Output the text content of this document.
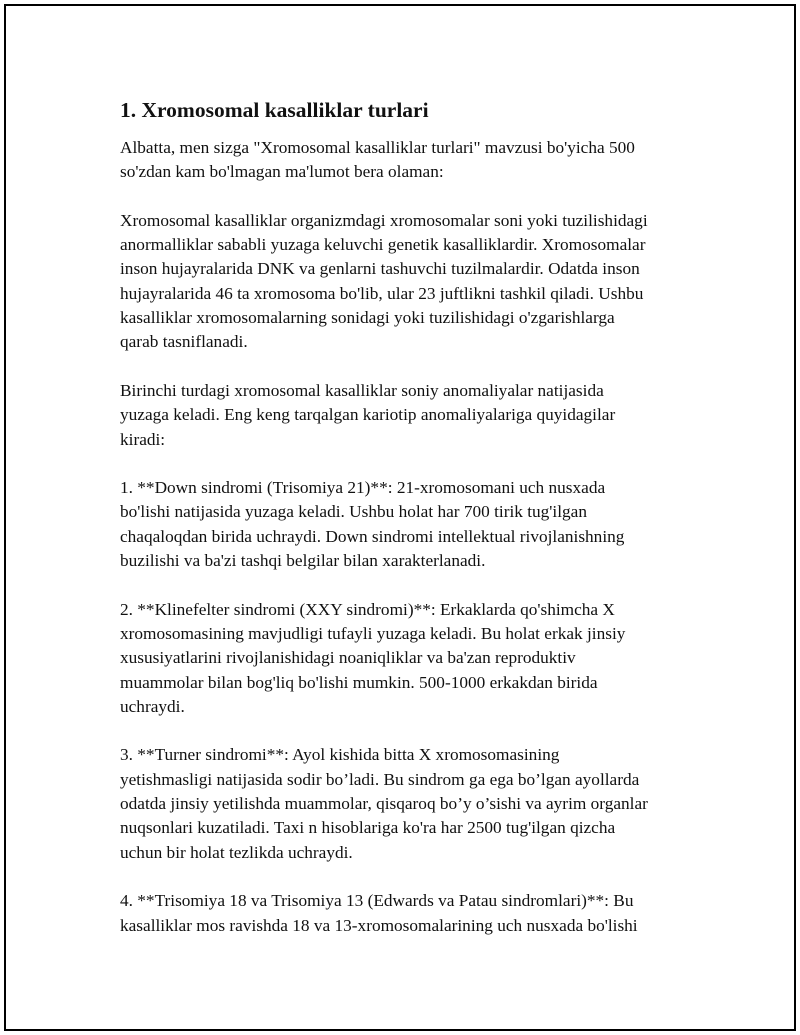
1. Xromosomal kasalliklar turlari
Albatta, men sizga "Xromosomal kasalliklar turlari" mavzusi bo'yicha 500
so'zdan kam bo'lmagan ma'lumot bera olaman:
Xromosomal kasalliklar organizmdagi xromosomalar soni yoki tuzilishidagi
anormalliklar sababli yuzaga keluvchi genetik kasalliklardir. Xromosomalar
inson hujayralarida DNK va genlarni tashuvchi tuzilmalardir. Odatda inson
hujayralarida 46 ta xromosoma bo'lib, ular 23 juftlikni tashkil qiladi. Ushbu
kasalliklar xromosomalarning sonidagi yoki tuzilishidagi o'zgarishlarga
qarab tasniflanadi.
Birinchi turdagi xromosomal kasalliklar soniy anomaliyalar natijasida
yuzaga keladi. Eng keng tarqalgan kariotip anomaliyalariga quyidagilar
kiradi:
1. **Down sindromi (Trisomiya 21)**: 21-xromosomani uch nusxada
bo'lishi natijasida yuzaga keladi. Ushbu holat har 700 tirik tug'ilgan
chaqaloqdan birida uchraydi. Down sindromi intellektual rivojlanishning
buzilishi va ba'zi tashqi belgilar bilan xarakterlanadi.
2. **Klinefelter sindromi (XXY sindromi)**: Erkaklarda qo'shimcha X
xromosomasining mavjudligi tufayli yuzaga keladi. Bu holat erkak jinsiy
xususiyatlarini rivojlanishidagi noaniqliklar va ba'zan reproduktiv
muammolar bilan bog'liq bo'lishi mumkin. 500-1000 erkakdan birida
uchraydi.
3. **Turner sindromi**: Ayol kishida bitta X xromosomasining
yetishmasligi natijasida sodir bo’ladi. Bu sindrom ga ega bo’lgan ayollarda
odatda jinsiy yetilishda muammolar, qisqaroq bo’y o’sishi va ayrim organlar
nuqsonlari kuzatiladi. Taxi n hisoblariga ko'ra har 2500 tug'ilgan qizcha
uchun bir holat tezlikda uchraydi.
4. **Trisomiya 18 va Trisomiya 13 (Edwards va Patau sindromlari)**: Bu
kasalliklar mos ravishda 18 va 13-xromosomalarining uch nusxada bo'lishi
